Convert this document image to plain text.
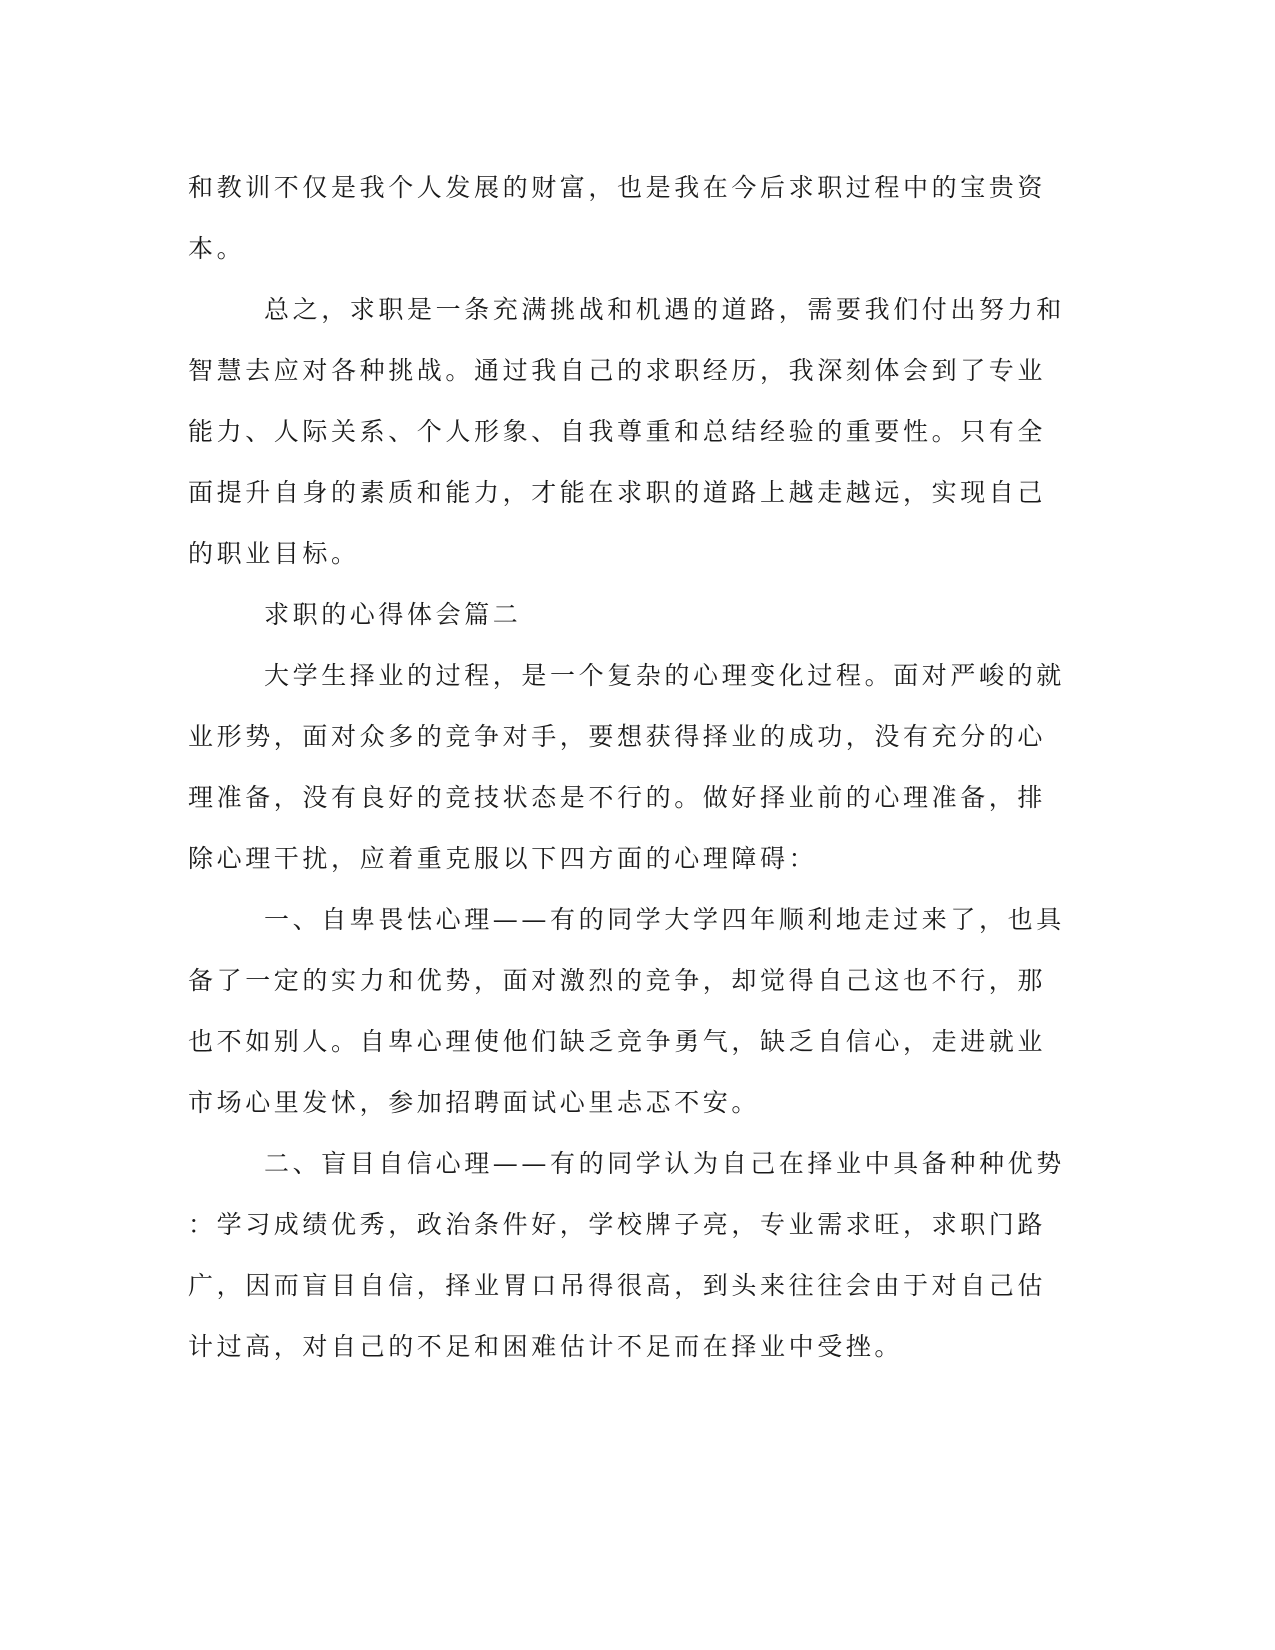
和教训不仅是我个人发展的财富，也是我在今后求职过程中的宝贵资
本。
总之，求职是一条充满挑战和机遇的道路，需要我们付出努力和
智慧去应对各种挑战。通过我自己的求职经历，我深刻体会到了专业
能力、人际关系、个人形象、自我尊重和总结经验的重要性。只有全
面提升自身的素质和能力，才能在求职的道路上越走越远，实现自己
的职业目标。
求职的心得体会篇二
大学生择业的过程，是一个复杂的心理变化过程。面对严峻的就
业形势，面对众多的竞争对手，要想获得择业的成功，没有充分的心
理准备，没有良好的竞技状态是不行的。做好择业前的心理准备，排
除心理干扰，应着重克服以下四方面的心理障碍：
一、自卑畏怯心理——有的同学大学四年顺利地走过来了，也具
备了一定的实力和优势，面对激烈的竞争，却觉得自己这也不行，那
也不如别人。自卑心理使他们缺乏竞争勇气，缺乏自信心，走进就业
市场心里发怵，参加招聘面试心里忐忑不安。
二、盲目自信心理——有的同学认为自己在择业中具备种种优势
：学习成绩优秀，政治条件好，学校牌子亮，专业需求旺，求职门路
广，因而盲目自信，择业胃口吊得很高，到头来往往会由于对自己估
计过高，对自己的不足和困难估计不足而在择业中受挫。
